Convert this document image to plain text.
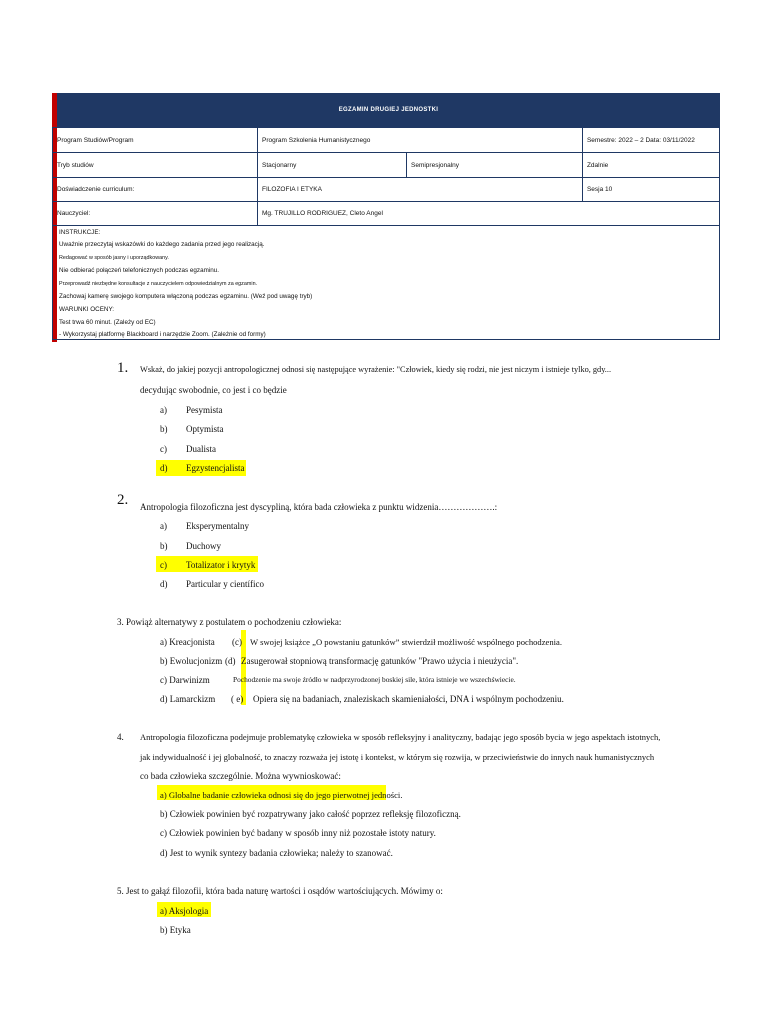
EGZAMIN DRUGIEJ JEDNOSTKI
Program Studiów/Program	Program Szkolenia Humanistycznego		Semestre: 2022 – 2 Data: 03/11/2022
Tryb studiów	Stacjonarny	Semipresjonalny	Zdalnie
Doświadczenie curriculum:	FILOZOFIA I ETYKA		Sesja 10
Nauczyciel:	Mg. TRUJILLO RODRIGUEZ, Cleto Angel		
INSTRUKCJE:
Uważnie przeczytaj wskazówki do każdego zadania przed jego realizacją.
Redagować w sposób jasny i uporządkowany.
Nie odbierać połączeń telefonicznych podczas egzaminu.
Przeprowadź niezbędne konsultacje z nauczycielem odpowiedzialnym za egzamin.
Zachowaj kamerę swojego komputera włączoną podczas egzaminu. (Weź pod uwagę tryb)
WARUNKI OCENY:
Test trwa 60 minut. (Zależy od EC)
- Wykorzystaj platformę Blackboard i narzędzie Zoom. (Zależnie od formy)
1. Wskaż, do jakiej pozycji antropologicznej odnosi się następujące wyrażenie: "Człowiek, kiedy się rodzi, nie jest niczym i istnieje tylko, gdy...
decydując swobodnie, co jest i co będzie
a) Pesymista
b) Optymista
c) Dualista
d) Egzystencjalista
2. Antropologia filozoficzna jest dyscypliną, która bada człowieka z punktu widzenia……………….:
a) Eksperymentalny
b) Duchowy
c) Totalizator i krytyk
d) Particular y científico
3. Powiąż alternatywy z postulatem o pochodzeniu człowieka:
a) Kreacjonista (c) W swojej książce „O powstaniu gatunków” stwierdził możliwość wspólnego pochodzenia.
b) Ewolucjonizm (d) Zasugerował stopniową transformację gatunków "Prawo użycia i nieużycia".
c) Darwinizm	Pochodzenie ma swoje źródło w nadprzyrodzonej boskiej sile, która istnieje we wszechświecie.
d) Lamarckizm ( e) Opiera się na badaniach, znaleziskach skamieniałości, DNA i wspólnym pochodzeniu.
4. Antropologia filozoficzna podejmuje problematykę człowieka w sposób refleksyjny i analityczny, badając jego sposób bycia w jego aspektach istotnych,
jak indywidualność i jej globalność, to znaczy rozważa jej istotę i kontekst, w którym się rozwija, w przeciwieństwie do innych nauk humanistycznych
co bada człowieka szczególnie. Można wywnioskować:
a) Globalne badanie człowieka odnosi się do jego pierwotnej jedności.
b) Człowiek powinien być rozpatrywany jako całość poprzez refleksję filozoficzną.
c) Człowiek powinien być badany w sposób inny niż pozostałe istoty natury.
d) Jest to wynik syntezy badania człowieka; należy to szanować.
5. Jest to gałąź filozofii, która bada naturę wartości i osądów wartościujących. Mówimy o:
a) Aksjologia
b) Etyka
